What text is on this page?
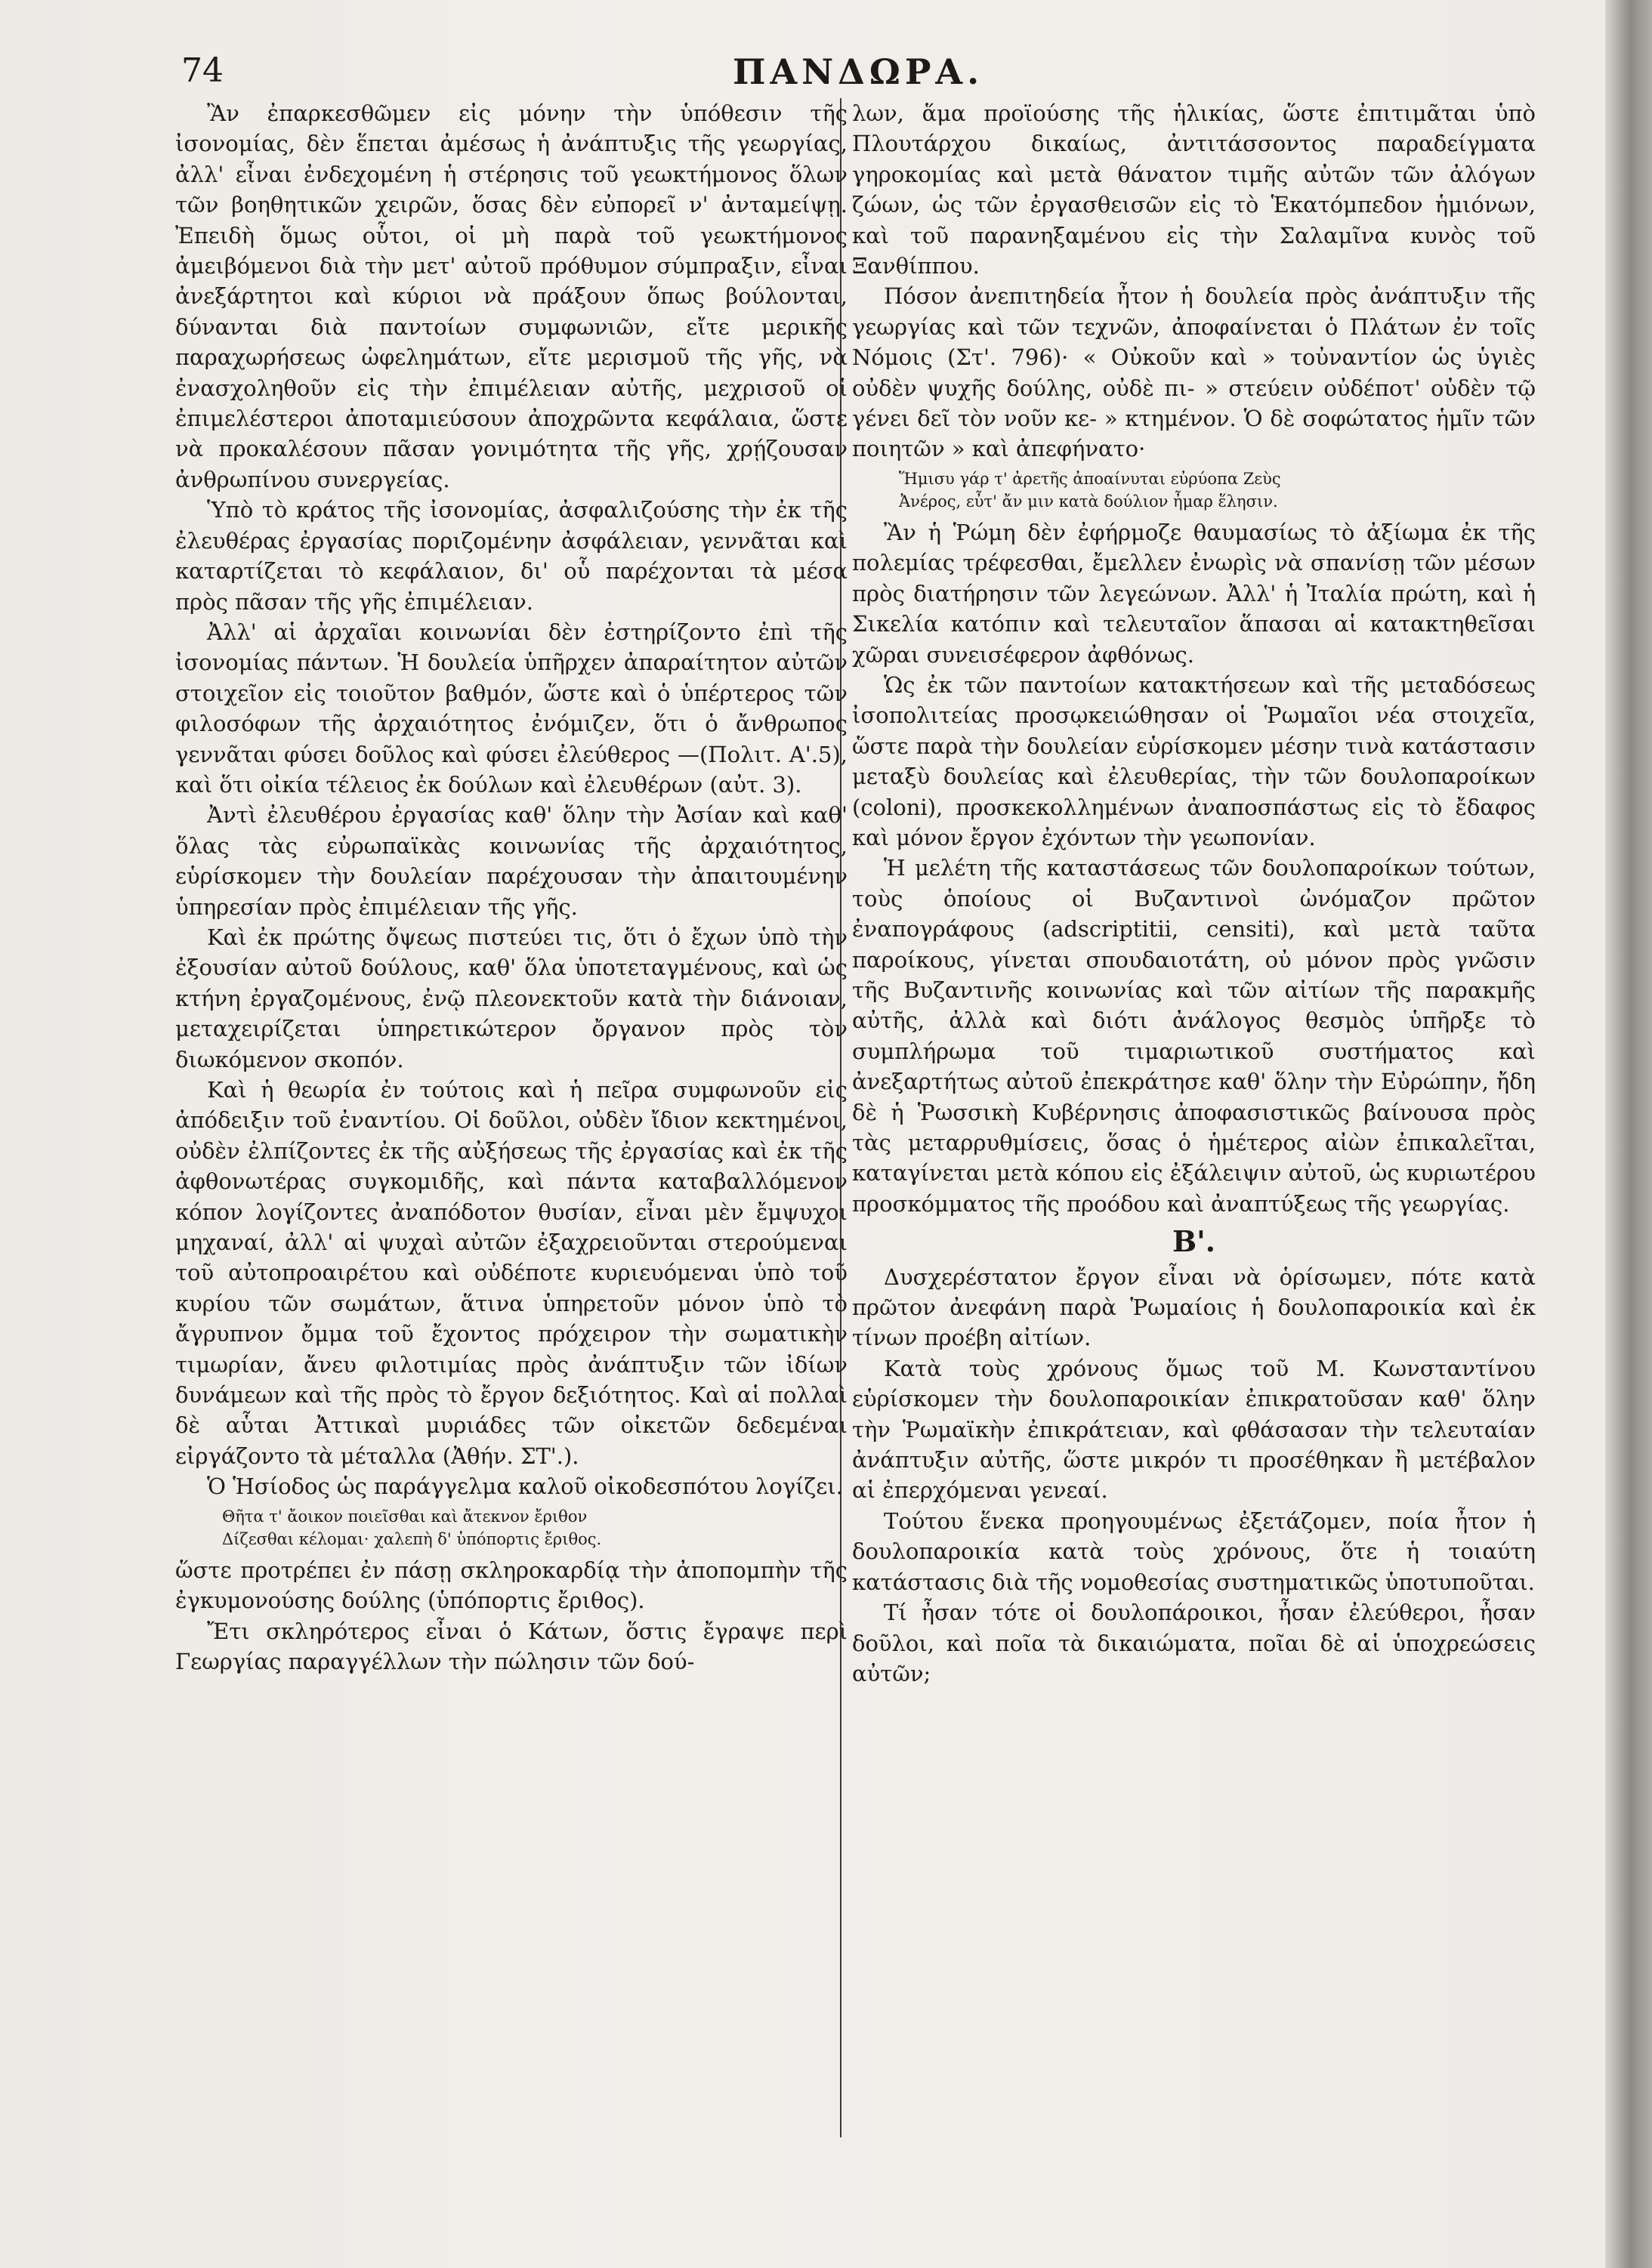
74	ΠΑΝΔΩΡΑ.

Ἂν ἐπαρκεσθῶμεν εἰς μόνην τὴν ὑπόθεσιν τῆς ἰσονομίας, δὲν ἕπεται ἀμέσως ἡ ἀνάπτυξις τῆς γεωργίας, ἀλλ' εἶναι ἐνδεχομένη ἡ στέρησις τοῦ γεωκτήμονος ὅλων τῶν βοηθητικῶν χειρῶν, ὅσας δὲν εὐπορεῖ ν' ἀνταμείψῃ. Ἐπειδὴ ὅμως οὗτοι, οἱ μὴ παρὰ τοῦ γεωκτήμονος ἀμειβόμενοι διὰ τὴν μετ' αὐτοῦ πρόθυμον σύμπραξιν, εἶναι ἀνεξάρτητοι καὶ κύριοι νὰ πράξουν ὅπως βούλονται, δύνανται διὰ παντοίων συμφωνιῶν, εἴτε μερικῆς παραχωρήσεως ὠφελημάτων, εἴτε μερισμοῦ τῆς γῆς, νὰ ἐνασχοληθοῦν εἰς τὴν ἐπιμέλειαν αὐτῆς, μεχρισοῦ οἱ ἐπιμελέστεροι ἀποταμιεύσουν ἀποχρῶντα κεφάλαια, ὥστε νὰ προκαλέσουν πᾶσαν γονιμότητα τῆς γῆς, χρῄζουσαν ἀνθρωπίνου συνεργείας.

Ὑπὸ τὸ κράτος τῆς ἰσονομίας, ἀσφαλιζούσης τὴν ἐκ τῆς ἐλευθέρας ἐργασίας ποριζομένην ἀσφάλειαν, γεννᾶται καὶ καταρτίζεται τὸ κεφάλαιον, δι' οὗ παρέχονται τὰ μέσα πρὸς πᾶσαν τῆς γῆς ἐπιμέλειαν.

Ἀλλ' αἱ ἀρχαῖαι κοινωνίαι δὲν ἐστηρίζοντο ἐπὶ τῆς ἰσονομίας πάντων. Ἡ δουλεία ὑπῆρχεν ἀπαραίτητον αὐτῶν στοιχεῖον εἰς τοιοῦτον βαθμόν, ὥστε καὶ ὁ ὑπέρτερος τῶν φιλοσόφων τῆς ἀρχαιότητος ἐνόμιζεν, ὅτι ὁ ἄνθρωπος γεννᾶται φύσει δοῦλος καὶ φύσει ἐλεύθερος —(Πολιτ. Α'.5), καὶ ὅτι οἰκία τέλειος ἐκ δούλων καὶ ἐλευθέρων (αὐτ. 3).

Ἀντὶ ἐλευθέρου ἐργασίας καθ' ὅλην τὴν Ἀσίαν καὶ καθ' ὅλας τὰς εὐρωπαϊκὰς κοινωνίας τῆς ἀρχαιότητος, εὑρίσκομεν τὴν δουλείαν παρέχουσαν τὴν ἀπαιτουμένην ὑπηρεσίαν πρὸς ἐπιμέλειαν τῆς γῆς.

Καὶ ἐκ πρώτης ὄψεως πιστεύει τις, ὅτι ὁ ἔχων ὑπὸ τὴν ἐξουσίαν αὐτοῦ δούλους, καθ' ὅλα ὑποτεταγμένους, καὶ ὡς κτήνη ἐργαζομένους, ἐνῷ πλεονεκτοῦν κατὰ τὴν διάνοιαν, μεταχειρίζεται ὑπηρετικώτερον ὄργανον πρὸς τὸν διωκόμενον σκοπόν.

Καὶ ἡ θεωρία ἐν τούτοις καὶ ἡ πεῖρα συμφωνοῦν εἰς ἀπόδειξιν τοῦ ἐναντίου. Οἱ δοῦλοι, οὐδὲν ἴδιον κεκτημένοι, οὐδὲν ἐλπίζοντες ἐκ τῆς αὐξήσεως τῆς ἐργασίας καὶ ἐκ τῆς ἀφθονωτέρας συγκομιδῆς, καὶ πάντα καταβαλλόμενον κόπον λογίζοντες ἀναπόδοτον θυσίαν, εἶναι μὲν ἔμψυχοι μηχαναί, ἀλλ' αἱ ψυχαὶ αὐτῶν ἐξαχρειοῦνται στερούμεναι τοῦ αὐτοπροαιρέτου καὶ οὐδέποτε κυριευόμεναι ὑπὸ τοῦ κυρίου τῶν σωμάτων, ἅτινα ὑπηρετοῦν μόνον ὑπὸ τὸ ἄγρυπνον ὄμμα τοῦ ἔχοντος πρόχειρον τὴν σωματικὴν τιμωρίαν, ἄνευ φιλοτιμίας πρὸς ἀνάπτυξιν τῶν ἰδίων δυνάμεων καὶ τῆς πρὸς τὸ ἔργον δεξιότητος. Καὶ αἱ πολλαὶ δὲ αὗται Ἀττικαὶ μυριάδες τῶν οἰκετῶν δεδεμέναι εἰργάζοντο τὰ μέταλλα (Ἀθήν. ΣΤ'.).

Ὁ Ἡσίοδος ὡς παράγγελμα καλοῦ οἰκοδεσπότου λογίζει.

Θῆτα τ' ἄοικον ποιεῖσθαι καὶ ἄτεκνον ἔριθον
Δίζεσθαι κέλομαι· χαλεπὴ δ' ὑπόπορτις ἔριθος.

ὥστε προτρέπει ἐν πάσῃ σκληροκαρδίᾳ τὴν ἀποπομπὴν τῆς ἐγκυμονούσης δούλης (ὑπόπορτις ἔριθος).

Ἔτι σκληρότερος εἶναι ὁ Κάτων, ὅστις ἔγραψε περὶ Γεωργίας παραγγέλλων τὴν πώλησιν τῶν δού-

λων, ἅμα προϊούσης τῆς ἡλικίας, ὥστε ἐπιτιμᾶται ὑπὸ Πλουτάρχου δικαίως, ἀντιτάσσοντος παραδείγματα γηροκομίας καὶ μετὰ θάνατον τιμῆς αὐτῶν τῶν ἀλόγων ζώων, ὡς τῶν ἐργασθεισῶν εἰς τὸ Ἑκατόμπεδον ἡμιόνων, καὶ τοῦ παρανηξαμένου εἰς τὴν Σαλαμῖνα κυνὸς τοῦ Ξανθίππου.

Πόσον ἀνεπιτηδεία ἦτον ἡ δουλεία πρὸς ἀνάπτυξιν τῆς γεωργίας καὶ τῶν τεχνῶν, ἀποφαίνεται ὁ Πλάτων ἐν τοῖς Νόμοις (Στ'. 796)· « Οὐκοῦν καὶ » τοὐναντίον ὡς ὑγιὲς οὐδὲν ψυχῆς δούλης, οὐδὲ πι- » στεύειν οὐδέποτ' οὐδὲν τῷ γένει δεῖ τὸν νοῦν κε- » κτημένον. Ὁ δὲ σοφώτατος ἡμῖν τῶν ποιητῶν » καὶ ἀπεφήνατο·

Ἥμισυ γάρ τ' ἀρετῆς ἀποαίνυται εὐρύοπα Ζεὺς
Ἀνέρος, εὖτ' ἄν μιν κατὰ δούλιον ἦμαρ ἕλησιν.

Ἂν ἡ Ῥώμη δὲν ἐφήρμοζε θαυμασίως τὸ ἀξίωμα ἐκ τῆς πολεμίας τρέφεσθαι, ἔμελλεν ἐνωρὶς νὰ σπανίσῃ τῶν μέσων πρὸς διατήρησιν τῶν λεγεώνων. Ἀλλ' ἡ Ἰταλία πρώτη, καὶ ἡ Σικελία κατόπιν καὶ τελευταῖον ἅπασαι αἱ κατακτηθεῖσαι χῶραι συνεισέφερον ἀφθόνως.

Ὡς ἐκ τῶν παντοίων κατακτήσεων καὶ τῆς μεταδόσεως ἰσοπολιτείας προσῳκειώθησαν οἱ Ῥωμαῖοι νέα στοιχεῖα, ὥστε παρὰ τὴν δουλείαν εὑρίσκομεν μέσην τινὰ κατάστασιν μεταξὺ δουλείας καὶ ἐλευθερίας, τὴν τῶν δουλοπαροίκων (coloni), προσκεκολλημένων ἀναποσπάστως εἰς τὸ ἔδαφος καὶ μόνον ἔργον ἐχόντων τὴν γεωπονίαν.

Ἡ μελέτη τῆς καταστάσεως τῶν δουλοπαροίκων τούτων, τοὺς ὁποίους οἱ Βυζαντινοὶ ὠνόμαζον πρῶτον ἐναπογράφους (adscriptitii, censiti), καὶ μετὰ ταῦτα παροίκους, γίνεται σπουδαιοτάτη, οὐ μόνον πρὸς γνῶσιν τῆς Βυζαντινῆς κοινωνίας καὶ τῶν αἰτίων τῆς παρακμῆς αὐτῆς, ἀλλὰ καὶ διότι ἀνάλογος θεσμὸς ὑπῆρξε τὸ συμπλήρωμα τοῦ τιμαριωτικοῦ συστήματος καὶ ἀνεξαρτήτως αὐτοῦ ἐπεκράτησε καθ' ὅλην τὴν Εὐρώπην, ἤδη δὲ ἡ Ῥωσσικὴ Κυβέρνησις ἀποφασιστικῶς βαίνουσα πρὸς τὰς μεταρρυθμίσεις, ὅσας ὁ ἡμέτερος αἰὼν ἐπικαλεῖται, καταγίνεται μετὰ κόπου εἰς ἐξάλειψιν αὐτοῦ, ὡς κυριωτέρου προσκόμματος τῆς προόδου καὶ ἀναπτύξεως τῆς γεωργίας.

Β'.

Δυσχερέστατον ἔργον εἶναι νὰ ὁρίσωμεν, πότε κατὰ πρῶτον ἀνεφάνη παρὰ Ῥωμαίοις ἡ δουλοπαροικία καὶ ἐκ τίνων προέβη αἰτίων.

Κατὰ τοὺς χρόνους ὅμως τοῦ Μ. Κωνσταντίνου εὑρίσκομεν τὴν δουλοπαροικίαν ἐπικρατοῦσαν καθ' ὅλην τὴν Ῥωμαϊκὴν ἐπικράτειαν, καὶ φθάσασαν τὴν τελευταίαν ἀνάπτυξιν αὐτῆς, ὥστε μικρόν τι προσέθηκαν ἢ μετέβαλον αἱ ἐπερχόμεναι γενεαί.

Τούτου ἕνεκα προηγουμένως ἐξετάζομεν, ποία ἦτον ἡ δουλοπαροικία κατὰ τοὺς χρόνους, ὅτε ἡ τοιαύτη κατάστασις διὰ τῆς νομοθεσίας συστηματικῶς ὑποτυποῦται.

Τί ἦσαν τότε οἱ δουλοπάροικοι, ἦσαν ἐλεύθεροι, ἦσαν δοῦλοι, καὶ ποῖα τὰ δικαιώματα, ποῖαι δὲ αἱ ὑποχρεώσεις αὐτῶν;
